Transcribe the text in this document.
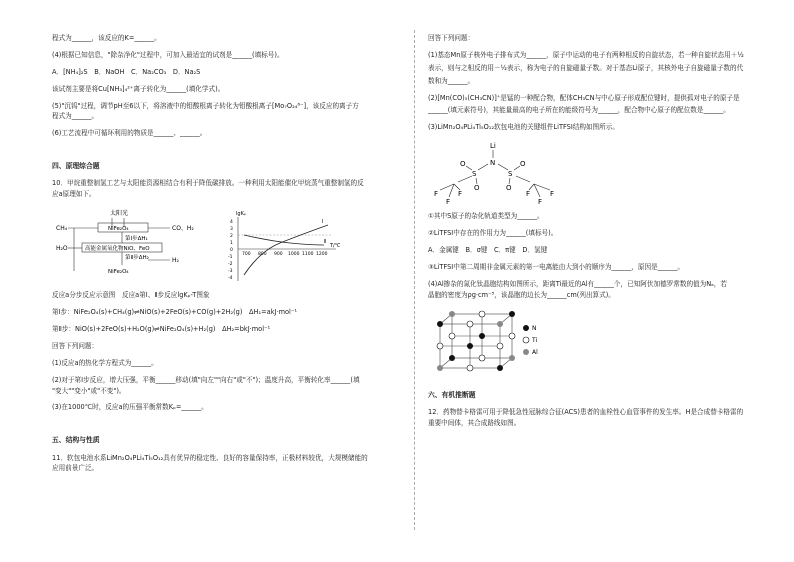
程式为______，该反应的K=______。

(4)根据已知信息，"除杂净化"过程中，可加入最适宜的试剂是______(填标号)。

A．[NH₄]₂S　B．NaOH　C．Na₂CO₃　D．Na₂S

该试剂主要是将Cu[NH₃]₄²⁺离子转化为______(填化学式)。

(5)"沉钨"过程，调节pH至6以下，将溶液中的钼酸根离子转化为钼酸根离子[Mo₇O₂₄⁶⁻]，该反应的离子方

程式为______。

(6)工艺流程中可循环利用的物质是______、______。

四、原理综合题

10．甲烷重整制氢工艺与太阳能资源相结合有利于降低碳排放。一种利用太阳能催化甲烷蒸气重整制氢的反

应a原理如下。

太阳光
CH₄	NiFe₂O₄	CO、H₂
第Ⅰ步ΔH₁
H₂O	高能金属氧化物NiO、FeO
第Ⅱ步ΔH₂	H₂
NiFe₂O₄
lgKₚ
T/℃
4
3
2
1
0
-1
-2
-3
-4
700 800 900 1000 1100 1200
Ⅰ
Ⅱ

反应a分步反应示意图　反应a第Ⅰ、Ⅱ步反应lgKₚ-T图象

第Ⅰ步：NiFe₂O₄(s)+CH₄(g)⇌NiO(s)+2FeO(s)+CO(g)+2H₂(g)　ΔH₁=akJ·mol⁻¹

第Ⅱ步：NiO(s)+2FeO(s)+H₂O(g)⇌NiFe₂O₄(s)+H₂(g)　ΔH₂=bkJ·mol⁻¹

回答下列问题：

(1)反应a的热化学方程式为______。

(2)对于第Ⅰ步反应，增大压强，平衡______移动(填"向左""向右"或"不")；温度升高，平衡转化率______(填

"变大""变小"或"不变")。

(3)在1000℃时，反应a的压强平衡常数Kₚ=______。

五、结构与性质

11．软包电池水系LiMn₂O₄PLi₄Ti₅O₁₂具有优异的稳定性、良好的容量保持率，正极材料较优，大规模储能的

应用前景广泛。

回答下列问题：

(1)基态Mn原子核外电子排布式为______，原子中运动的电子有两种相反的自旋状态，若一种自旋状态用＋½

表示，则与之相反的用－½表示，称为电子的自旋磁量子数。对于基态Li原子，其核外电子自旋磁量子数的代

数和为______。

(2)[Mn(CO)₅(CH₃CN)]⁺是锰的一种配合物，配体CH₃CN与中心原子形成配位键时，提供孤对电子的原子是

______(填元素符号)，其能量最高的电子所在的能级符号为______，配合物中心原子的配位数是______。

(3)LiMn₂O₄PLi₄Ti₅O₁₂软包电池的关键组件LiTFSI结构如图所示。

Li
N
S	S
O
O
O
O
F
F
F	F
F
F

①其中S原子的杂化轨道类型为______。

②LiTFSI中存在的作用力为______(填标号)。

A．金属键　B．σ键　C．π键　D．氢键

③LiTFSI中第二周期非金属元素的第一电离能由大到小的顺序为______，原因是______。

(4)Al掺杂的氮化钛晶胞结构如图所示，距离Ti最近的Al有______个，已知阿伏加德罗常数的值为Nₐ，若

晶胞的密度为ρg·cm⁻³，该晶胞的边长为______cm(列出算式)。

N
Ti
Al
六、有机推断题

12．药物替卡格雷可用于降低急性冠脉综合征(ACS)患者的血栓性心血管事件的发生率。H是合成替卡格雷的

重要中间体，其合成路线如图。
